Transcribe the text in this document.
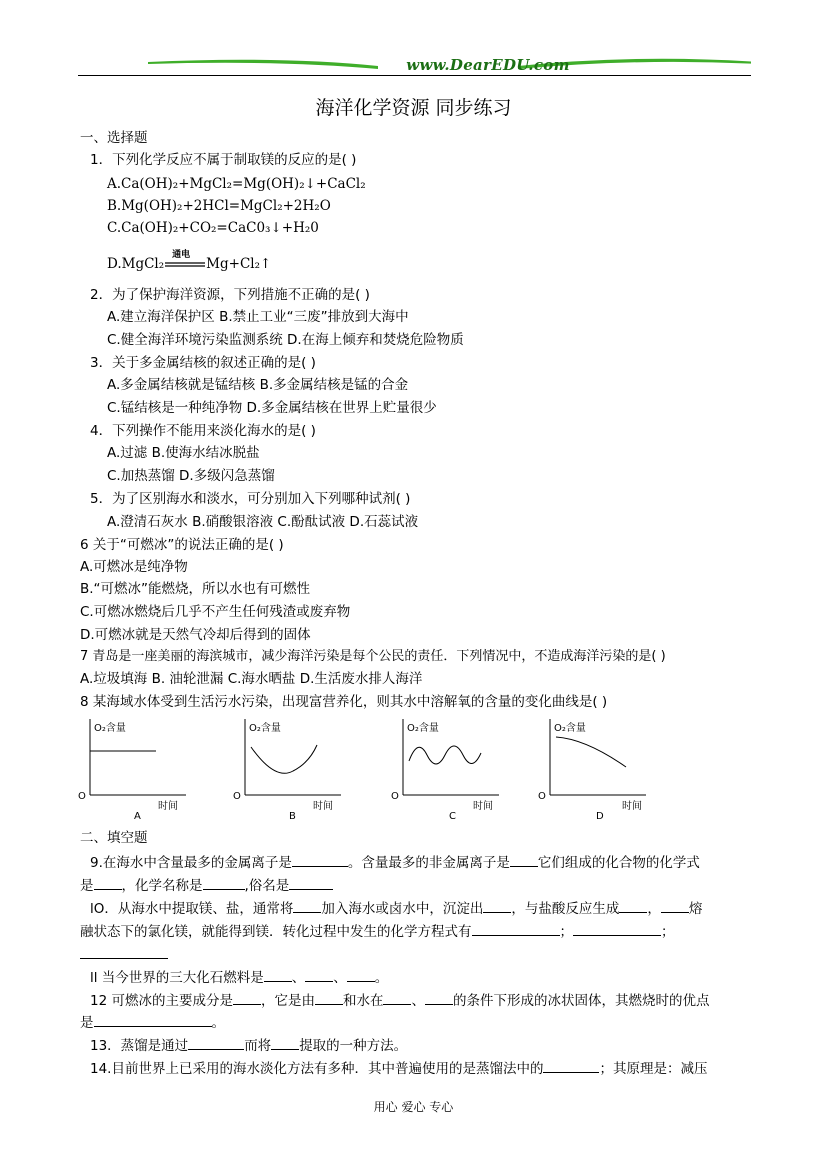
www.DearEDU.com
海洋化学资源 同步练习
一、选择题
1．下列化学反应不属于制取镁的反应的是( )
A.Ca(OH)₂+MgCl₂=Mg(OH)₂↓+CaCl₂
B.Mg(OH)₂+2HCl=MgCl₂+2H₂O
C.Ca(OH)₂+CO₂=CaC0₃↓+H₂0
D.MgCl₂
通电
Mg+Cl₂↑
2．为了保护海洋资源，下列措施不正确的是( )
A.建立海洋保护区 B.禁止工业“三废”排放到大海中
C.健全海洋环境污染监测系统 D.在海上倾弃和焚烧危险物质
3．关于多金属结核的叙述正确的是( )
A.多金属结核就是锰结核 B.多金属结核是锰的合金
C.锰结核是一种纯净物 D.多金属结核在世界上贮量很少
4．下列操作不能用来淡化海水的是( )
A.过滤 B.使海水结冰脱盐
C.加热蒸馏 D.多级闪急蒸馏
5．为了区别海水和淡水，可分别加入下列哪种试剂( )
A.澄清石灰水 B.硝酸银溶液 C.酚酞试液 D.石蕊试液
6 关于“可燃冰”的说法正确的是( )
A.可燃冰是纯净物
B.“可燃冰”能燃烧，所以水也有可燃性
C.可燃冰燃烧后几乎不产生任何残渣或废弃物
D.可燃冰就是天然气冷却后得到的固体
7 青岛是一座美丽的海滨城市，减少海洋污染是每个公民的责任．下列情况中，不造成海洋污染的是( )
A.垃圾填海 B. 油轮泄漏 C.海水晒盐 D.生活废水排人海洋
8 某海域水体受到生活污水污染，出现富营养化，则其水中溶解氧的含量的变化曲线是( )
O₂含量
O
时间
A
O₂含量
O
时间
B
O₂含量
O
时间
C
O₂含量
O
时间
D
二、填空题
9.在海水中含量最多的金属离子是	。含量最多的非金属离子是 它们组成的化合物的化学式
是 ，化学名称是	,俗名是
lO．从海水中提取镁、盐，通常将 加入海水或卤水中，沉淀出 ，与盐酸反应生成 ， 熔
融状态下的氯化镁，就能得到镁．转化过程中发生的化学方程式有	；	；
ll 当今世界的三大化石燃料是 、 、 。
12 可燃冰的主要成分是 ，它是由 和水在 、 的条件下形成的冰状固体，其燃烧时的优点
是	。
13．蒸馏是通过	而将 提取的一种方法。
14.目前世界上已采用的海水淡化方法有多种．其中普遍使用的是蒸馏法中的	；其原理是：减压
用心 爱心 专心
